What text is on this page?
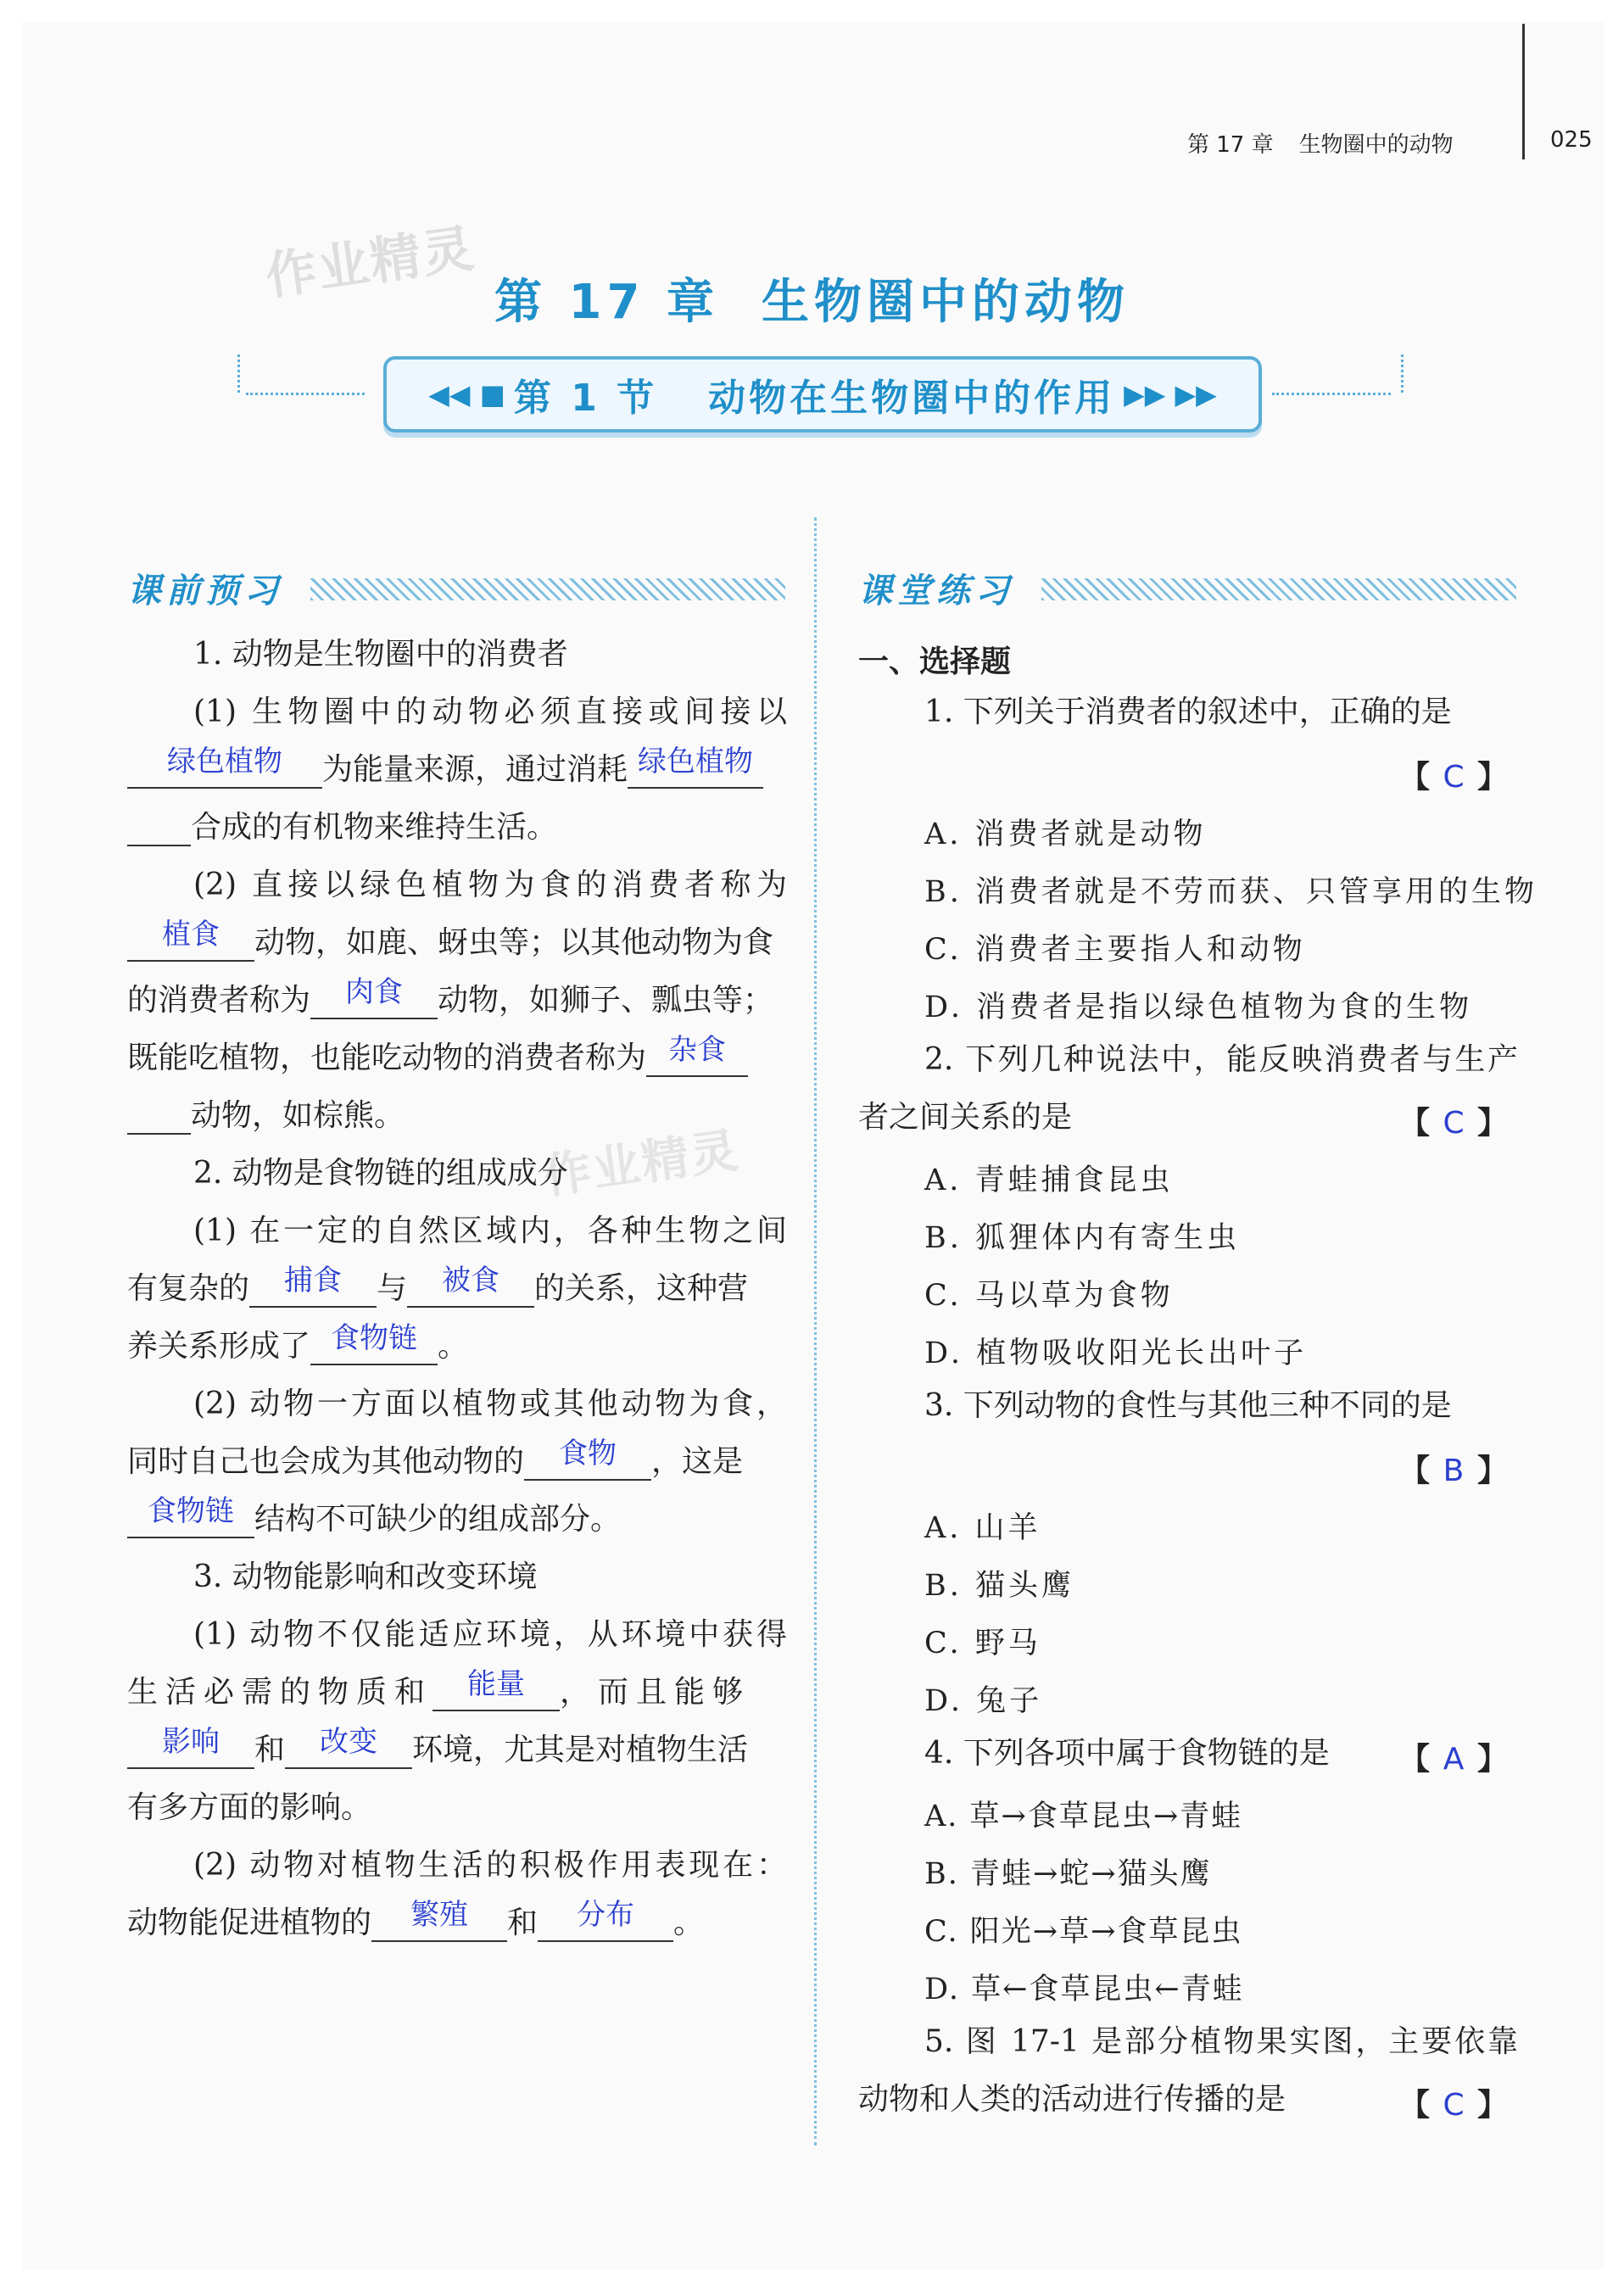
第 17 章 生物圈中的动物	025
作业精灵
作业精灵
第 17 章 生物圈中的动物
◀◀ ■ 第 1 节 动物在生物圈中的作用 ▶▶ ▶▶
课前预习
1. 动物是生物圈中的消费者
(1) 生物圈中的动物必须直接或间接以
绿色植物	为能量来源，通过消耗 绿色植物
合成的有机物来维持生活。
(2) 直接以绿色植物为食的消费者称为
植食	动物，如鹿、蚜虫等；以其他动物为食
的消费者称为	肉食	动物，如狮子、瓢虫等；
既能吃植物，也能吃动物的消费者称为 杂食
动物，如棕熊。
2. 动物是食物链的组成成分
(1) 在一定的自然区域内，各种生物之间
有复杂的	捕食	与	被食	的关系，这种营
养关系形成了 食物链 。
(2) 动物一方面以植物或其他动物为食，
同时自己也会成为其他动物的	食物	，这是
食物链 结构不可缺少的组成部分。
3. 动物能影响和改变环境
(1) 动物不仅能适应环境，从环境中获得
生活必需的物质和	能量	，而且能够
影响	和	改变	环境，尤其是对植物生活
有多方面的影响。
(2) 动物对植物生活的积极作用表现在：
动物能促进植物的	繁殖	和	分布	。
课堂练习
一、选择题
1. 下列关于消费者的叙述中，正确的是
【 C 】
A. 消费者就是动物
B. 消费者就是不劳而获、只管享用的生物
C. 消费者主要指人和动物
D. 消费者是指以绿色植物为食的生物
2. 下列几种说法中，能反映消费者与生产
者之间关系的是	【 C 】
A. 青蛙捕食昆虫
B. 狐狸体内有寄生虫
C. 马以草为食物
D. 植物吸收阳光长出叶子
3. 下列动物的食性与其他三种不同的是
【 B 】
A. 山羊
B. 猫头鹰
C. 野马
D. 兔子
4. 下列各项中属于食物链的是 【 A 】
A. 草→食草昆虫→青蛙
B. 青蛙→蛇→猫头鹰
C. 阳光→草→食草昆虫
D. 草←食草昆虫←青蛙
5. 图 17-1 是部分植物果实图，主要依靠
动物和人类的活动进行传播的是	【 C 】
